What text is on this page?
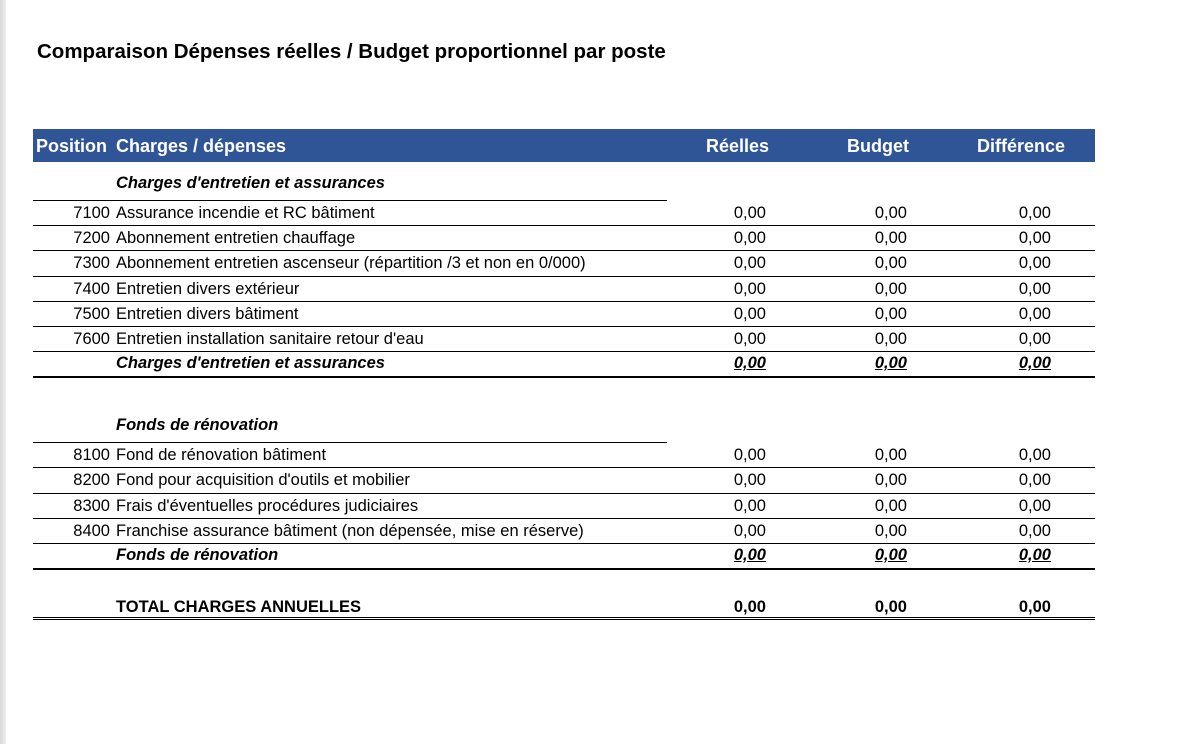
Comparaison Dépenses réelles / Budget proportionnel par poste
Position Charges / dépenses	Réelles	Budget	Différence
Charges d'entretien et assurances
7100 Assurance incendie et RC bâtiment	0,00	0,00	0,00
7200 Abonnement entretien chauffage	0,00	0,00	0,00
7300 Abonnement entretien ascenseur (répartition /3 et non en 0/000)	0,00	0,00	0,00
7400 Entretien divers extérieur	0,00	0,00	0,00
7500 Entretien divers bâtiment	0,00	0,00	0,00
7600 Entretien installation sanitaire retour d'eau	0,00	0,00	0,00
Charges d'entretien et assurances	0,00	0,00	0,00
Fonds de rénovation
8100 Fond de rénovation bâtiment	0,00	0,00	0,00
8200 Fond pour acquisition d'outils et mobilier	0,00	0,00	0,00
8300 Frais d'éventuelles procédures judiciaires	0,00	0,00	0,00
8400 Franchise assurance bâtiment (non dépensée, mise en réserve)	0,00	0,00	0,00
Fonds de rénovation	0,00	0,00	0,00
TOTAL CHARGES ANNUELLES	0,00	0,00	0,00
